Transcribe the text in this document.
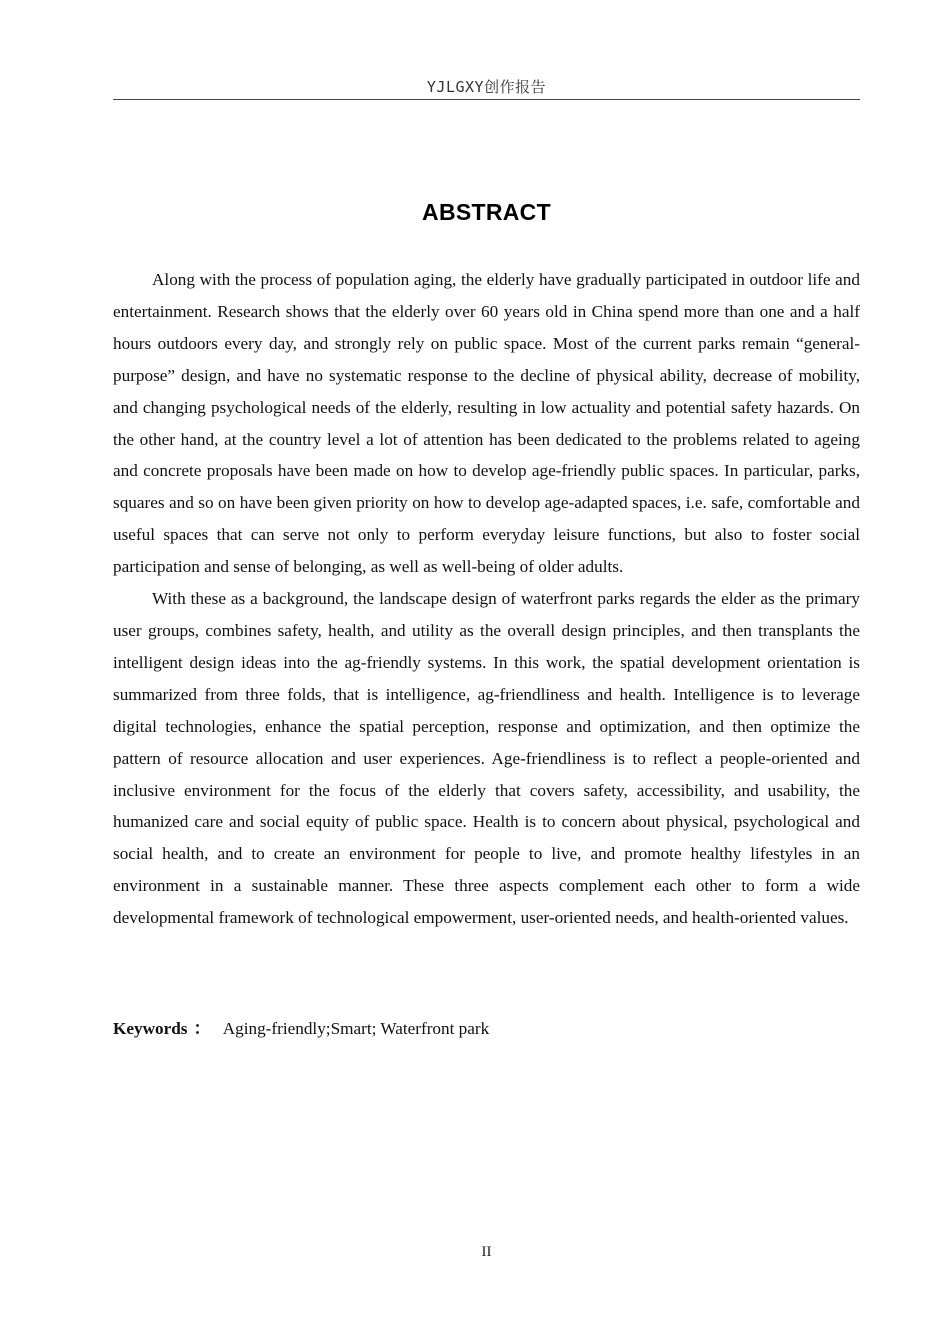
YJLGXY创作报告
ABSTRACT

Along with the process of population aging, the elderly have gradually participated in outdoor life and entertainment. Research shows that the elderly over 60 years old in China spend more than one and a half hours outdoors every day, and strongly rely on public space. Most of the current parks remain “general-purpose” design, and have no systematic response to the decline of physical ability, decrease of mobility, and changing psychological needs of the elderly, resulting in low actuality and potential safety hazards. On the other hand, at the country level a lot of attention has been dedicated to the problems related to ageing and concrete proposals have been made on how to develop age-friendly public spaces. In particular, parks, squares and so on have been given priority on how to develop age-adapted spaces, i.e. safe, comfortable and useful spaces that can serve not only to perform everyday leisure functions, but also to foster social participation and sense of belonging, as well as well-being of older adults.

With these as a background, the landscape design of waterfront parks regards the elder as the primary user groups, combines safety, health, and utility as the overall design principles, and then transplants the intelligent design ideas into the ag-friendly systems. In this work, the spatial development orientation is summarized from three folds, that is intelligence, ag-friendliness and health. Intelligence is to leverage digital technologies, enhance the spatial perception, response and optimization, and then optimize the pattern of resource allocation and user experiences. Age-friendliness is to reflect a people-oriented and inclusive environment for the focus of the elderly that covers safety, accessibility, and usability, the humanized care and social equity of public space. Health is to concern about physical, psychological and social health, and to create an environment for people to live, and promote healthy lifestyles in an environment in a sustainable manner. These three aspects complement each other to form a wide developmental framework of technological empowerment, user-oriented needs, and health-oriented values.

Keywords ： Aging-friendly;Smart; Waterfront park
II
